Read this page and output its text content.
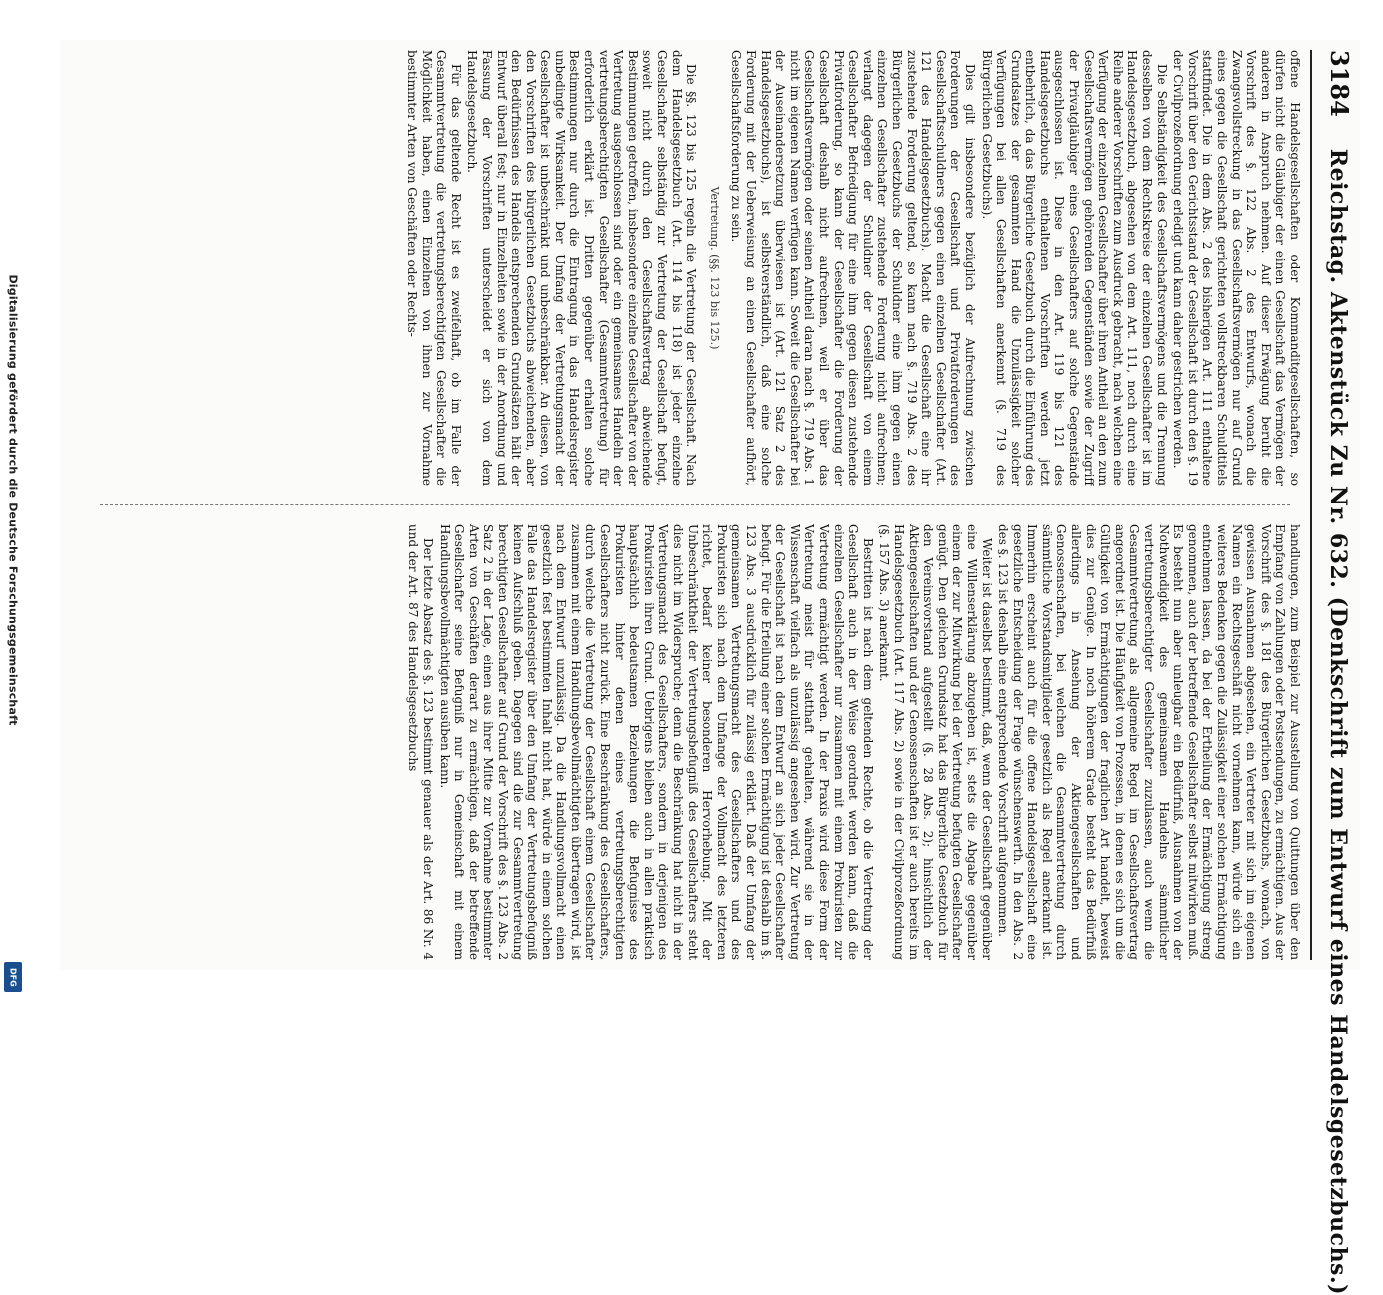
3184
Reichstag. Aktenstück Zu Nr. 632. (Denkschrift zum Entwurf eines Handelsgesetzbuchs.)

offene Handelsgesellschaften oder Kommanditgesellschaften, so dürfen nicht die Gläubiger der einen Gesellschaft das Vermögen der anderen in Anspruch nehmen. Auf dieser Erwägung beruht die Vorschrift des §. 122 Abs. 2 des Entwurfs, wonach die Zwangsvollstreckung in das Gesellschaftsvermögen nur auf Grund eines gegen die Gesellschaft gerichteten vollstreckbaren Schuldtitels stattfindet. Die in dem Abs. 2 des bisherigen Art. 111 enthaltene Vorschrift über den Gerichtsstand der Gesellschaft ist durch den §. 19 der Civilprozeßordnung erledigt und kann daher gestrichen werden.

Die Selbständigkeit des Gesellschaftsvermögens und die Trennung desselben von dem Rechtskreise der einzelnen Gesellschafter ist im Handelsgesetzbuch, abgesehen von dem Art. 111, noch durch eine Reihe anderer Vorschriften zum Ausdruck gebracht, nach welchen eine Verfügung der einzelnen Gesellschafter über ihren Antheil an den zum Gesellschaftsvermögen gehörenden Gegenständen sowie der Zugriff der Privatgläubiger eines Gesellschafters auf solche Gegenstände ausgeschlossen ist. Diese in den Art. 119 bis 121 des Handelsgesetzbuchs enthaltenen Vorschriften werden jetzt entbehrlich, da das Bürgerliche Gesetzbuch durch die Einführung des Grundsatzes der gesammten Hand die Unzulässigkeit solcher Verfügungen bei allen Gesellschaften anerkennt (§. 719 des Bürgerlichen Gesetzbuchs).

Dies gilt insbesondere bezüglich der Aufrechnung zwischen Forderungen der Gesellschaft und Privatforderungen des Gesellschaftsschuldners gegen einen einzelnen Gesellschafter (Art. 121 des Handelsgesetzbuchs). Macht die Gesellschaft eine ihr zustehende Forderung geltend, so kann nach §. 719 Abs. 2 des Bürgerlichen Gesetzbuchs der Schuldner eine ihm gegen einen einzelnen Gesellschafter zustehende Forderung nicht aufrechnen; verlangt dagegen der Schuldner der Gesellschaft von einem Gesellschafter Befriedigung für eine ihm gegen diesen zustehende Privatforderung, so kann der Gesellschafter die Forderung der Gesellschaft deshalb nicht aufrechnen, weil er über das Gesellschaftsvermögen oder seinen Antheil daran nach §. 719 Abs. 1 nicht im eigenen Namen verfügen kann. Soweit die Gesellschafter bei der Auseinandersetzung überwiesen ist (Art. 121 Satz 2 des Handelsgesetzbuchs), ist selbstverständlich, daß eine solche Forderung mit der Ueberweisung an einen Gesellschafter aufhört, Gesellschaftsforderung zu sein.

Vertretung. (§§. 123 bis 125.)

Die §§. 123 bis 125 regeln die Vertretung der Gesellschaft. Nach dem Handelsgesetzbuch (Art. 114 bis 118) ist jeder einzelne Gesellschafter selbständig zur Vertretung der Gesellschaft befugt, soweit nicht durch den Gesellschaftsvertrag abweichende Bestimmungen getroffen, insbesondere einzelne Gesellschafter von der Vertretung ausgeschlossen sind oder ein gemeinsames Handeln der vertretungsberechtigten Gesellschafter (Gesammtvertretung) für erforderlich erklärt ist. Dritten gegenüber erhalten solche Bestimmungen nur durch die Eintragung in das Handelsregister unbedingte Wirksamkeit. Der Umfang der Vertretungsmacht der Gesellschafter ist unbeschränkt und unbeschränkbar. An diesen, von den Vorschriften des bürgerlichen Gesetzbuchs abweichenden, aber den Bedürfnissen des Handels entsprechenden Grundsätzen hält der Entwurf überall fest; nur in Einzelheiten sowie in der Anordnung und Fassung der Vorschriften unterscheidet er sich von dem Handelsgesetzbuch.

Für das geltende Recht ist es zweifelhaft, ob im Falle der Gesammtvertretung die vertretungsberechtigten Gesellschafter die Möglichkeit haben, einen Einzelnen von ihnen zur Vornahme bestimmter Arten von Geschäften oder Rechts-

handlungen, zum Beispiel zur Ausstellung von Quittungen über den Empfang von Zahlungen oder Postsendungen, zu ermächtigen. Aus der Vorschrift des §. 181 des Bürgerlichen Gesetzbuchs, wonach, von gewissen Ausnahmen abgesehen, ein Vertreter mit sich im eigenen Namen ein Rechtsgeschäft nicht vornehmen kann, würde sich ein weiteres Bedenken gegen die Zulässigkeit einer solchen Ermächtigung entnehmen lassen, da bei der Ertheilung der Ermächtigung streng genommen, auch der betreffende Gesellschafter selbst mitwirken muß. Es besteht nun aber unleugbar ein Bedürfniß, Ausnahmen von der Nothwendigkeit des gemeinsamen Handelns sämmtlicher vertretungsberechtigter Gesellschafter zuzulassen, auch wenn die Gesammtvertretung als allgemeine Regel im Gesellschaftsvertrag angeordnet ist. Die Häufigkeit von Prozessen, in denen es sich um die Gültigkeit von Ermächtigungen der fraglichen Art handelt, beweist dies zur Genüge. In noch höherem Grade besteht das Bedürfniß allerdings in Ansehung der Aktiengesellschaften und Genossenschaften, bei welchen die Gesammtvertretung durch sämmtliche Vorstandsmitglieder gesetzlich als Regel anerkannt ist. Immerhin erscheint auch für die offene Handelsgesellschaft eine gesetzliche Entscheidung der Frage wünschenswerth. In den Abs. 2 des §. 123 ist deshalb eine entsprechende Vorschrift aufgenommen.

Weiter ist daselbst bestimmt, daß, wenn der Gesellschaft gegenüber eine Willenserklärung abzugeben ist, stets die Abgabe gegenüber einem der zur Mitwirkung bei der Vertretung befugten Gesellschafter genügt. Den gleichen Grundsatz hat das Bürgerliche Gesetzbuch für den Vereinsvorstand aufgestellt (§. 28 Abs. 2); hinsichtlich der Aktiengesellschaften und der Genossenschaften ist er auch bereits im Handelsgesetzbuch (Art. 117 Abs. 2) sowie in der Civilprozeßordnung (§. 157 Abs. 3) anerkannt.

Bestritten ist nach dem geltenden Rechte, ob die Vertretung der Gesellschaft auch in der Weise geordnet werden kann, daß die einzelnen Gesellschafter nur zusammen mit einem Prokuristen zur Vertretung ermächtigt werden. In der Praxis wird diese Form der Vertretung meist für statthaft gehalten, während sie in der Wissenschaft vielfach als unzulässig angesehen wird. Zur Vertretung der Gesellschaft ist nach dem Entwurf an sich jeder Gesellschafter befugt. Für die Erteilung einer solchen Ermächtigung ist deshalb im §. 123 Abs. 3 ausdrücklich für zulässig erklärt. Daß der Umfang der gemeinsamen Vertretungsmacht des Gesellschafters und des Prokuristen sich nach dem Umfange der Vollmacht des letzteren richtet, bedarf keiner besonderen Hervorhebung. Mit der Unbeschränktheit der Vertretungsbefugniß des Gesellschafters steht dies nicht im Widerspruche; denn die Beschränkung hat nicht in der Vertretungsmacht des Gesellschafters, sondern in derjenigen des Prokuristen ihren Grund. Uebrigens bleiben auch in allen praktisch hauptsächlich bedeutsamen Beziehungen die Befugnisse des Prokuristen hinter denen eines vertretungsberechtigten Gesellschafters nicht zurück. Eine Beschränkung des Gesellschafters, durch welche die Vertretung der Gesellschaft einem Gesellschafter zusammen mit einem Handlungsbevollmächtigten übertragen wird, ist nach dem Entwurf unzulässig. Da die Handlungsvollmacht einen gesetzlich fest bestimmten Inhalt nicht hat, würde in einem solchen Falle das Handelsregister über den Umfang der Vertretungsbefugniß keinen Aufschluß geben. Dagegen sind die zur Gesammtvertretung berechtigten Gesellschafter auf Grund der Vorschrift des §. 123 Abs. 2 Satz 2 in der Lage, einen aus ihrer Mitte zur Vornahme bestimmter Arten von Geschäften derart zu ermächtigen, daß der betreffende Gesellschafter seine Befugniß nur in Gemeinschaft mit einem Handlungsbevollmächtigten ausüben kann.

Der letzte Absatz des §. 123 bestimmt genauer als der Art. 86 Nr. 4 und der Art. 87 des Handelsgesetzbuchs

Digitalisierung gefördert durch die Deutsche Forschungsgemeinschaft
DFG
